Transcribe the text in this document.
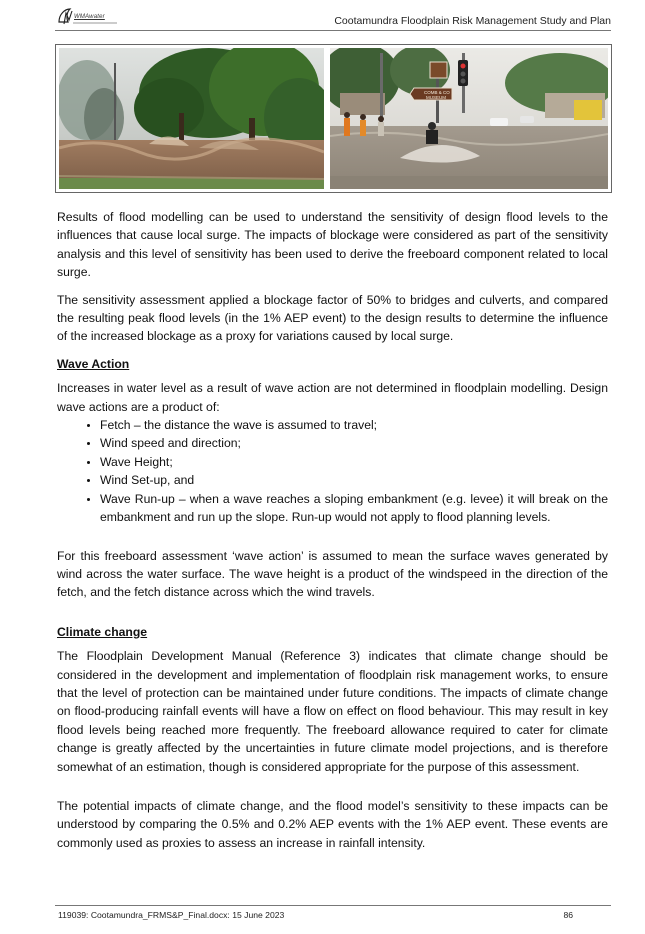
WMAwater	Cootamundra Floodplain Risk Management Study and Plan
COMB & CO
MUSEUM

Results of flood modelling can be used to understand the sensitivity of design flood levels to the influences that cause local surge. The impacts of blockage were considered as part of the sensitivity analysis and this level of sensitivity has been used to derive the freeboard component related to local surge.

The sensitivity assessment applied a blockage factor of 50% to bridges and culverts, and compared the resulting peak flood levels (in the 1% AEP event) to the design results to determine the influence of the increased blockage as a proxy for variations caused by local surge.

Wave Action

Increases in water level as a result of wave action are not determined in floodplain modelling. Design wave actions are a product of:

• Fetch – the distance the wave is assumed to travel;
• Wind speed and direction;
• Wave Height;
• Wind Set-up, and
• Wave Run-up – when a wave reaches a sloping embankment (e.g. levee) it will break on the embankment and run up the slope. Run-up would not apply to flood planning levels.

For this freeboard assessment ‘wave action’ is assumed to mean the surface waves generated by wind across the water surface. The wave height is a product of the windspeed in the direction of the fetch, and the fetch distance across which the wind travels.

Climate change

The Floodplain Development Manual (Reference 3) indicates that climate change should be considered in the development and implementation of floodplain risk management works, to ensure that the level of protection can be maintained under future conditions. The impacts of climate change on flood-producing rainfall events will have a flow on effect on flood behaviour. This may result in key flood levels being reached more frequently. The freeboard allowance required to cater for climate change is greatly affected by the uncertainties in future climate model projections, and is therefore somewhat of an estimation, though is considered appropriate for the purpose of this assessment.

The potential impacts of climate change, and the flood model’s sensitivity to these impacts can be understood by comparing the 0.5% and 0.2% AEP events with the 1% AEP event. These events are commonly used as proxies to assess an increase in rainfall intensity.

119039: Cootamundra_FRMS&P_Final.docx: 15 June 2023	86
